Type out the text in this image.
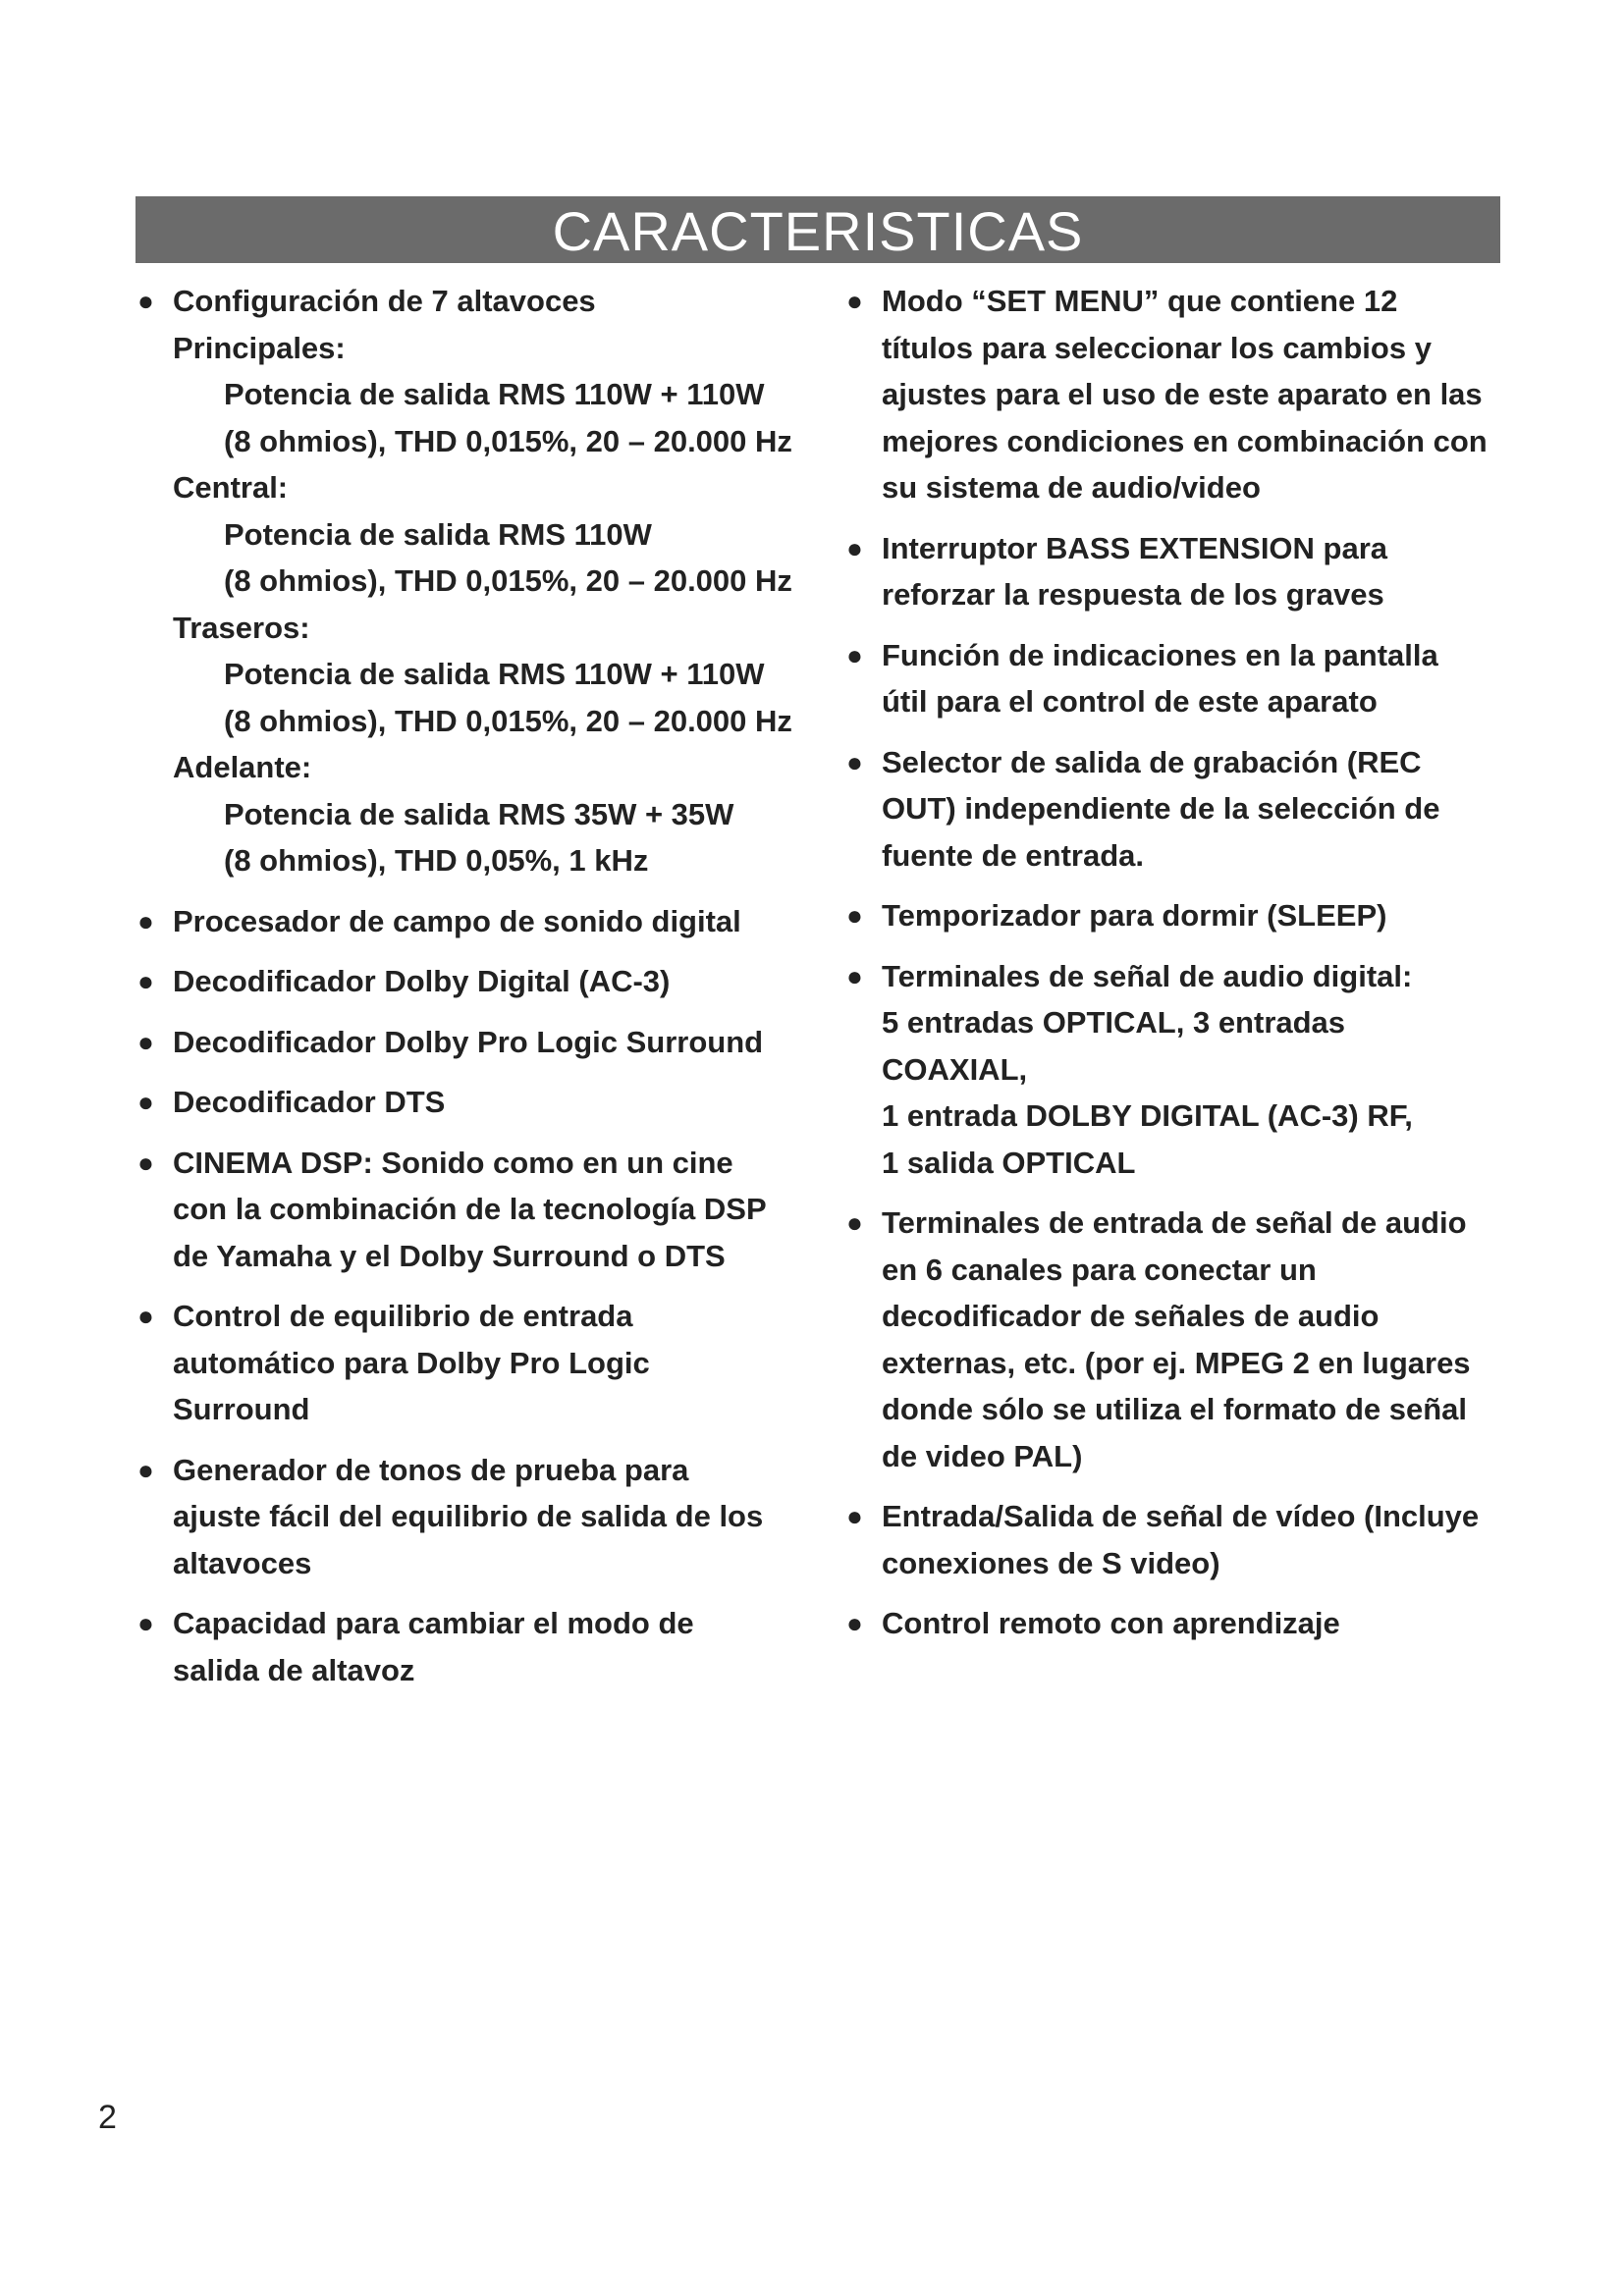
CARACTERISTICAS
● Configuración de 7 altavoces
Principales:
Potencia de salida RMS 110W + 110W
(8 ohmios), THD 0,015%, 20 – 20.000 Hz
Central:
Potencia de salida RMS 110W
(8 ohmios), THD 0,015%, 20 – 20.000 Hz
Traseros:
Potencia de salida RMS 110W + 110W
(8 ohmios), THD 0,015%, 20 – 20.000 Hz
Adelante:
Potencia de salida RMS 35W + 35W
(8 ohmios), THD 0,05%, 1 kHz
● Procesador de campo de sonido digital
● Decodificador Dolby Digital (AC-3)
● Decodificador Dolby Pro Logic Surround
● Decodificador DTS
● CINEMA DSP: Sonido como en un cine
con la combinación de la tecnología DSP
de Yamaha y el Dolby Surround o DTS
● Control de equilibrio de entrada
automático para Dolby Pro Logic
Surround
● Generador de tonos de prueba para
ajuste fácil del equilibrio de salida de los
altavoces
● Capacidad para cambiar el modo de
salida de altavoz
● Modo “SET MENU” que contiene 12
títulos para seleccionar los cambios y
ajustes para el uso de este aparato en las
mejores condiciones en combinación con
su sistema de audio/video
● Interruptor BASS EXTENSION para
reforzar la respuesta de los graves
● Función de indicaciones en la pantalla
útil para el control de este aparato
● Selector de salida de grabación (REC
OUT) independiente de la selección de
fuente de entrada.
● Temporizador para dormir (SLEEP)
● Terminales de señal de audio digital:
5 entradas OPTICAL, 3 entradas
COAXIAL,
1 entrada DOLBY DIGITAL (AC-3) RF,
1 salida OPTICAL
● Terminales de entrada de señal de audio
en 6 canales para conectar un
decodificador de señales de audio
externas, etc. (por ej. MPEG 2 en lugares
donde sólo se utiliza el formato de señal
de video PAL)
● Entrada/Salida de señal de vídeo (Incluye
conexiones de S video)
● Control remoto con aprendizaje
2
